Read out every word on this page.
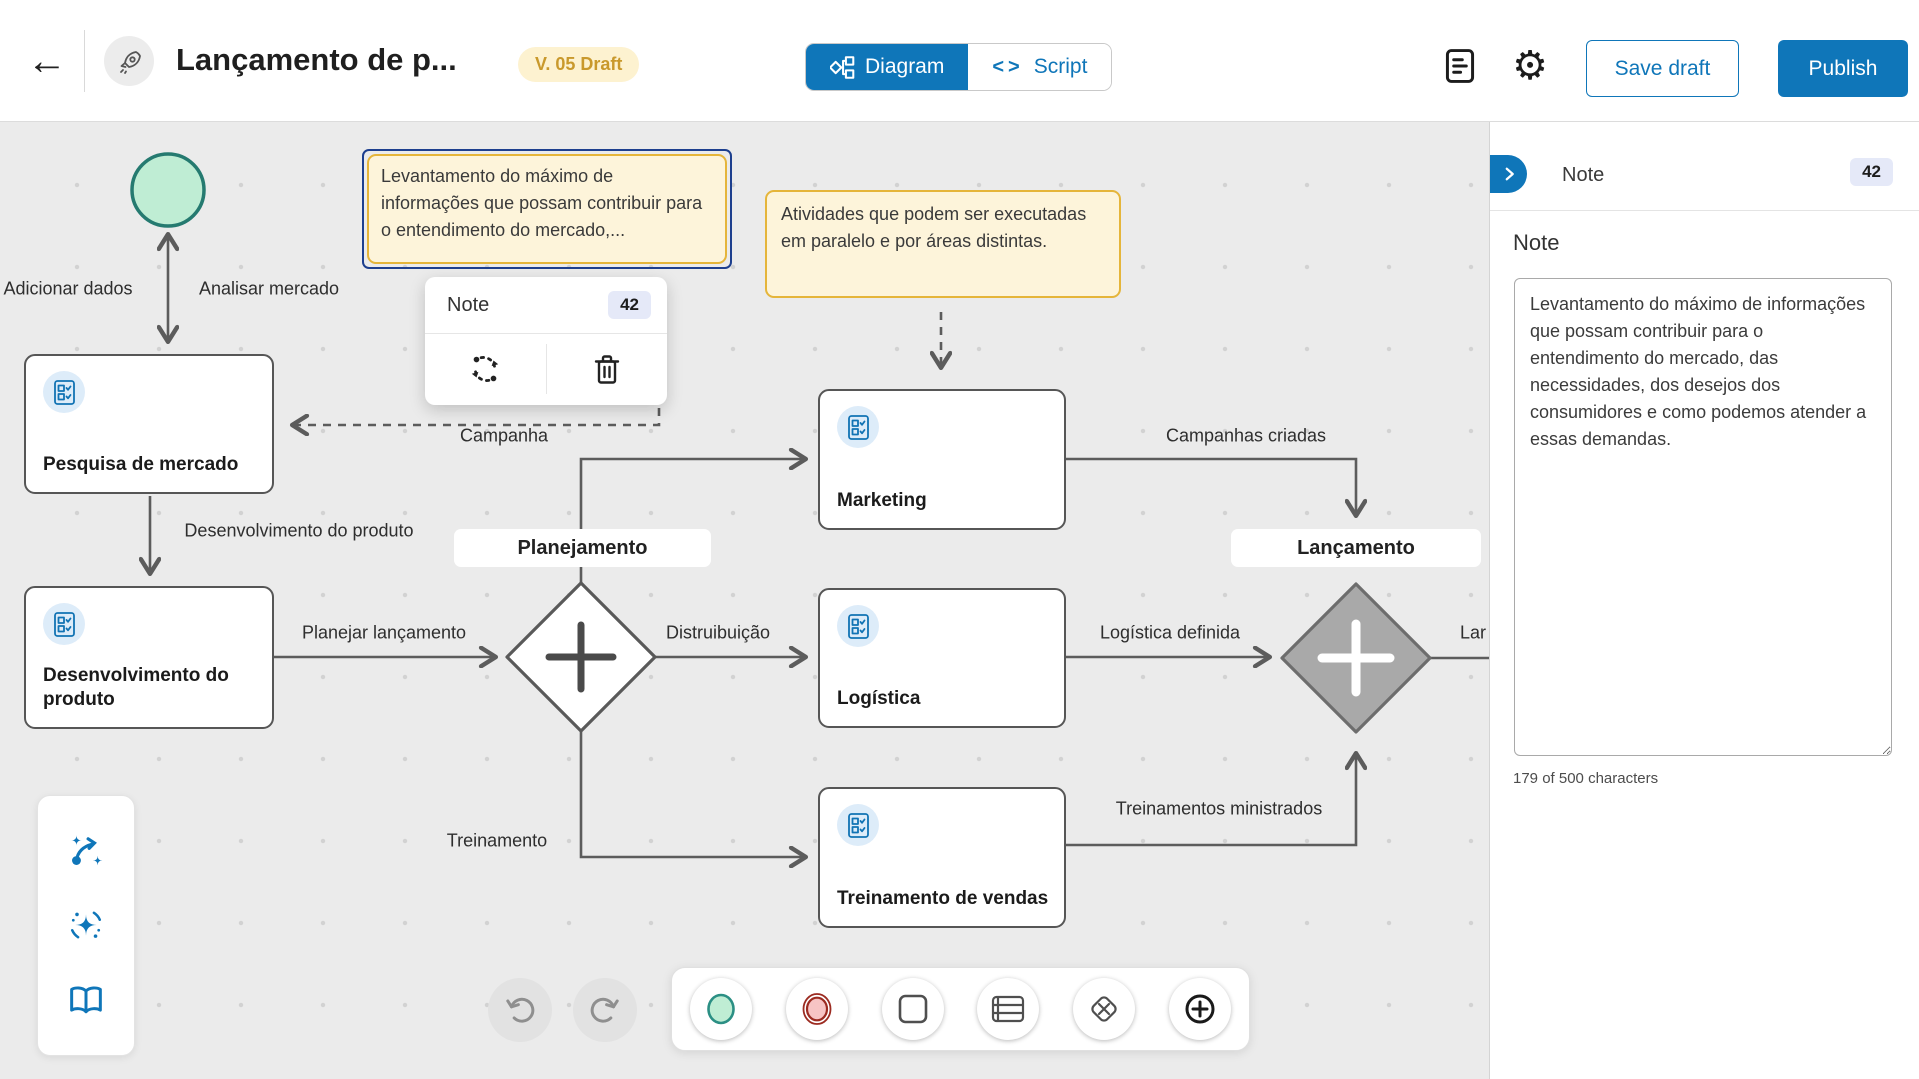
←	Lançamento de p...	V. 05 Draft	Diagram <> Script	⚙	Save draft	Publish
Adicionar dados	Analisar mercado
Pesquisa de mercado
Desenvolvimento do produto
Marketing
Logística
Treinamento de vendas
Planejamento	Lançamento
Desenvolvimento do produto
Planejar lançamento	Distruibuição
Treinamento
Campanha	Campanhas criadas
Logística definida
Treinamentos ministrados
Lar
Levantamento do máximo de informações que possam contribuir para o entendimento do mercado,...
Atividades que podem ser executadas em paralelo e por áreas distintas.
Note	42
Note	42
Note
Levantamento do máximo de informações que possam contribuir para o entendimento do mercado, das necessidades, dos desejos dos consumidores e como podemos atender a essas demandas.
179 of 500 characters
